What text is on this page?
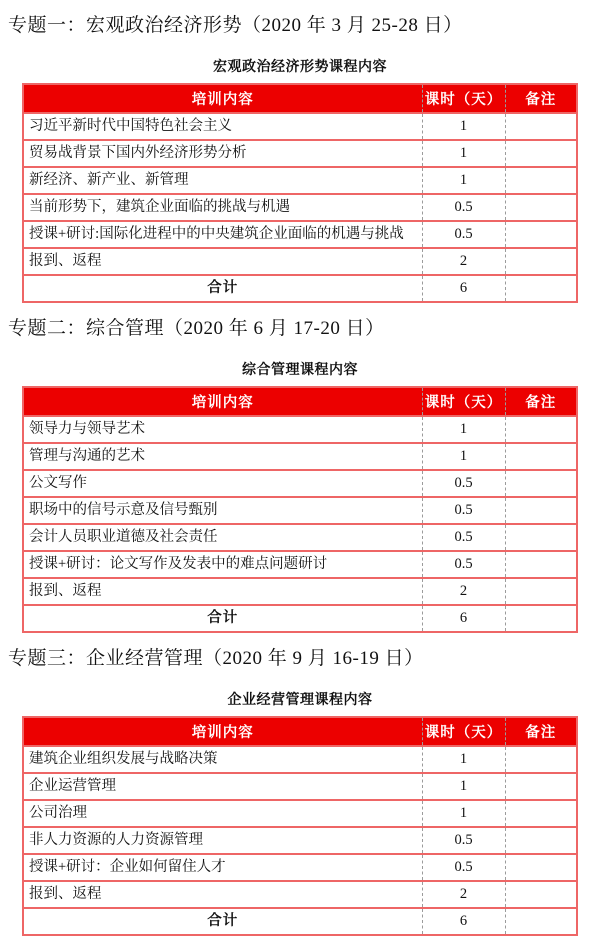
专题一：宏观政治经济形势（2020 年 3 月 25-28 日）
宏观政治经济形势课程内容
培训内容	课时（天）	备注
习近平新时代中国特色社会主义	1	
贸易战背景下国内外经济形势分析	1	
新经济、新产业、新管理	1	
当前形势下，建筑企业面临的挑战与机遇	0.5	
授课+研讨:国际化进程中的中央建筑企业面临的机遇与挑战	0.5	
报到、返程	2	
合计	6	
专题二：综合管理（2020 年 6 月 17-20 日）
综合管理课程内容
培训内容	课时（天）	备注
领导力与领导艺术	1	
管理与沟通的艺术	1	
公文写作	0.5	
职场中的信号示意及信号甄别	0.5	
会计人员职业道德及社会责任	0.5	
授课+研讨：论文写作及发表中的难点问题研讨	0.5	
报到、返程	2	
合计	6	
专题三：企业经营管理（2020 年 9 月 16-19 日）
企业经营管理课程内容
培训内容	课时（天）	备注
建筑企业组织发展与战略决策	1	
企业运营管理	1	
公司治理	1	
非人力资源的人力资源管理	0.5	
授课+研讨：企业如何留住人才	0.5	
报到、返程	2	
合计	6	
